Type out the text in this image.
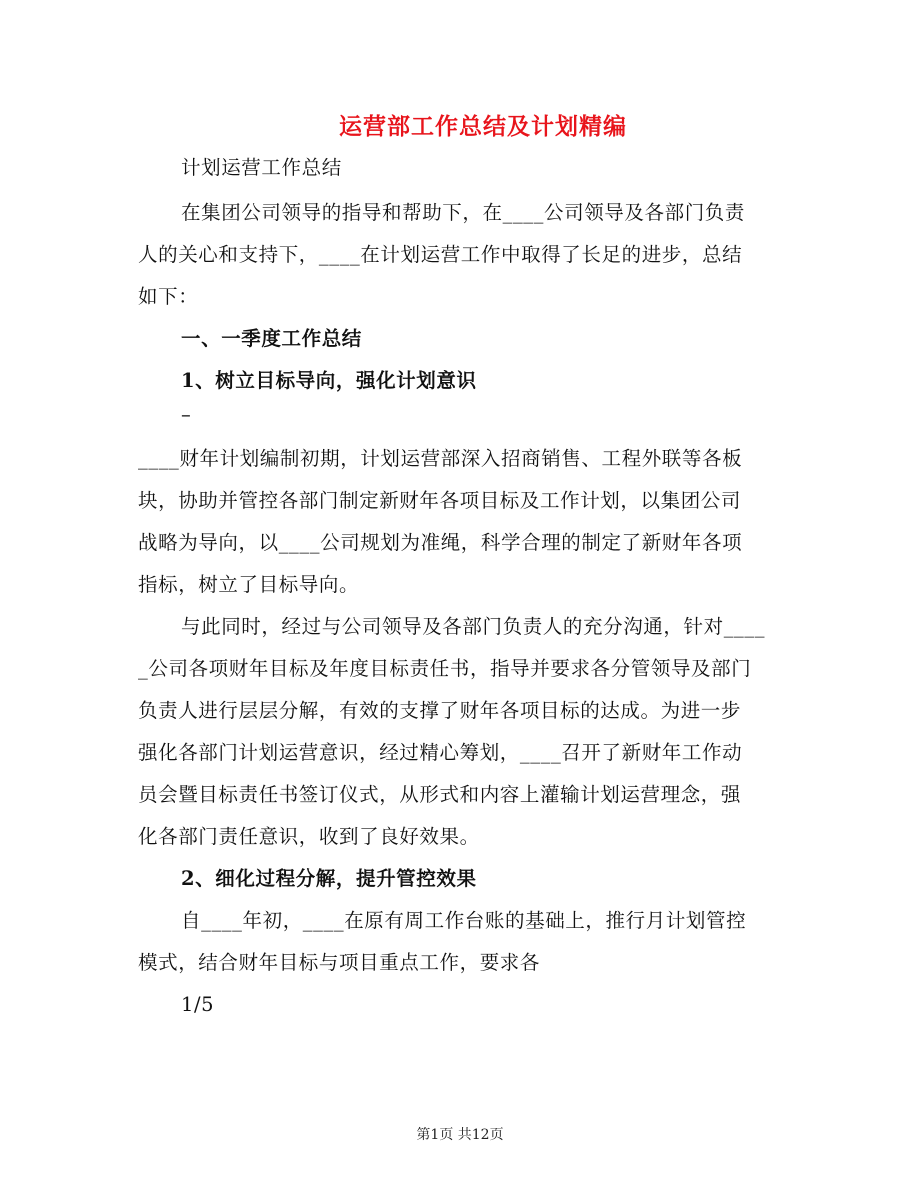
运营部工作总结及计划精编
计划运营工作总结
在集团公司领导的指导和帮助下，在____公司领导及各部门负责
人的关心和支持下，____在计划运营工作中取得了长足的进步，总结
如下：
一、一季度工作总结
1、树立目标导向，强化计划意识
–
____财年计划编制初期，计划运营部深入招商销售、工程外联等各板
块，协助并管控各部门制定新财年各项目标及工作计划，以集团公司
战略为导向，以____公司规划为准绳，科学合理的制定了新财年各项
指标，树立了目标导向。
与此同时，经过与公司领导及各部门负责人的充分沟通，针对____
_公司各项财年目标及年度目标责任书，指导并要求各分管领导及部门
负责人进行层层分解，有效的支撑了财年各项目标的达成。为进一步
强化各部门计划运营意识，经过精心筹划，____召开了新财年工作动
员会暨目标责任书签订仪式，从形式和内容上灌输计划运营理念，强
化各部门责任意识，收到了良好效果。
2、细化过程分解，提升管控效果
自____年初，____在原有周工作台账的基础上，推行月计划管控
模式，结合财年目标与项目重点工作，要求各
1/5
第1页 共12页
